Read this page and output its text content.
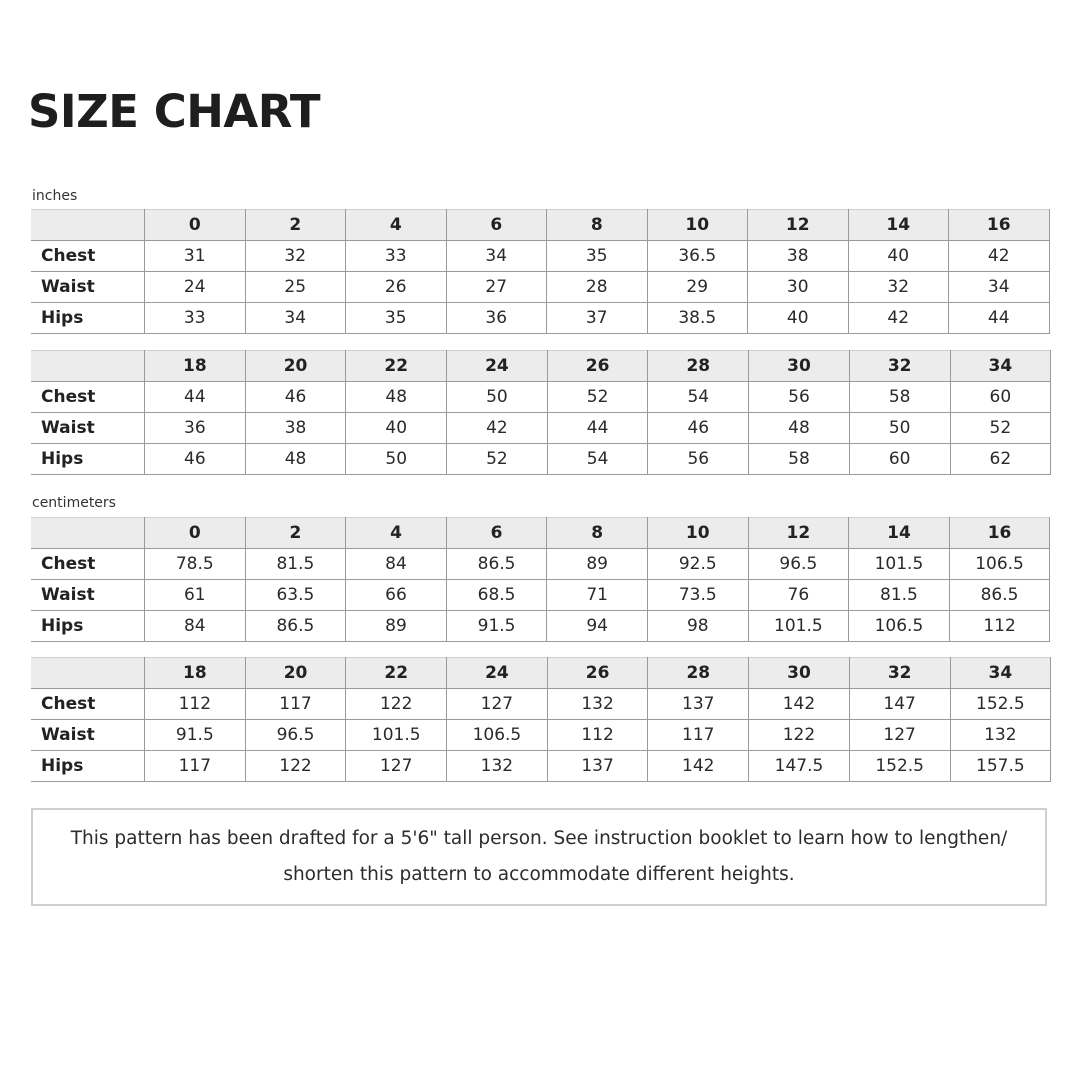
SIZE CHART
inches
	0	2	4	6	8	10	12	14	16
Chest	31	32	33	34	35	36.5	38	40	42
Waist	24	25	26	27	28	29	30	32	34
Hips	33	34	35	36	37	38.5	40	42	44
	18	20	22	24	26	28	30	32	34
Chest	44	46	48	50	52	54	56	58	60
Waist	36	38	40	42	44	46	48	50	52
Hips	46	48	50	52	54	56	58	60	62
centimeters
	0	2	4	6	8	10	12	14	16
Chest	78.5	81.5	84	86.5	89	92.5	96.5	101.5	106.5
Waist	61	63.5	66	68.5	71	73.5	76	81.5	86.5
Hips	84	86.5	89	91.5	94	98	101.5	106.5	112
	18	20	22	24	26	28	30	32	34
Chest	112	117	122	127	132	137	142	147	152.5
Waist	91.5	96.5	101.5	106.5	112	117	122	127	132
Hips	117	122	127	132	137	142	147.5	152.5	157.5

This pattern has been drafted for a 5'6" tall person. See instruction booklet to learn how to lengthen/ shorten this pattern to accommodate different heights.
